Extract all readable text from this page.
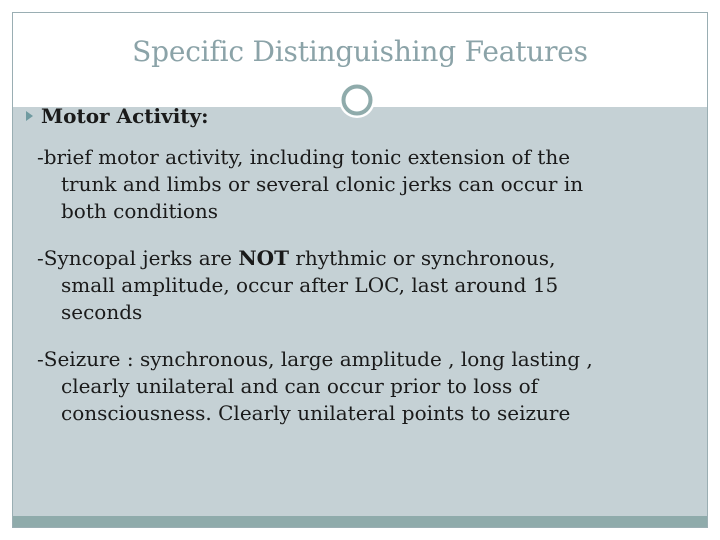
Specific Distinguishing Features
Motor Activity:
-brief motor activity, including tonic extension of the
trunk and limbs or several clonic jerks can occur in
both conditions
-Syncopal jerks are NOT rhythmic or synchronous,
small amplitude, occur after LOC, last around 15
seconds
-Seizure : synchronous, large amplitude , long lasting ,
clearly unilateral and can occur prior to loss of
consciousness. Clearly unilateral points to seizure
